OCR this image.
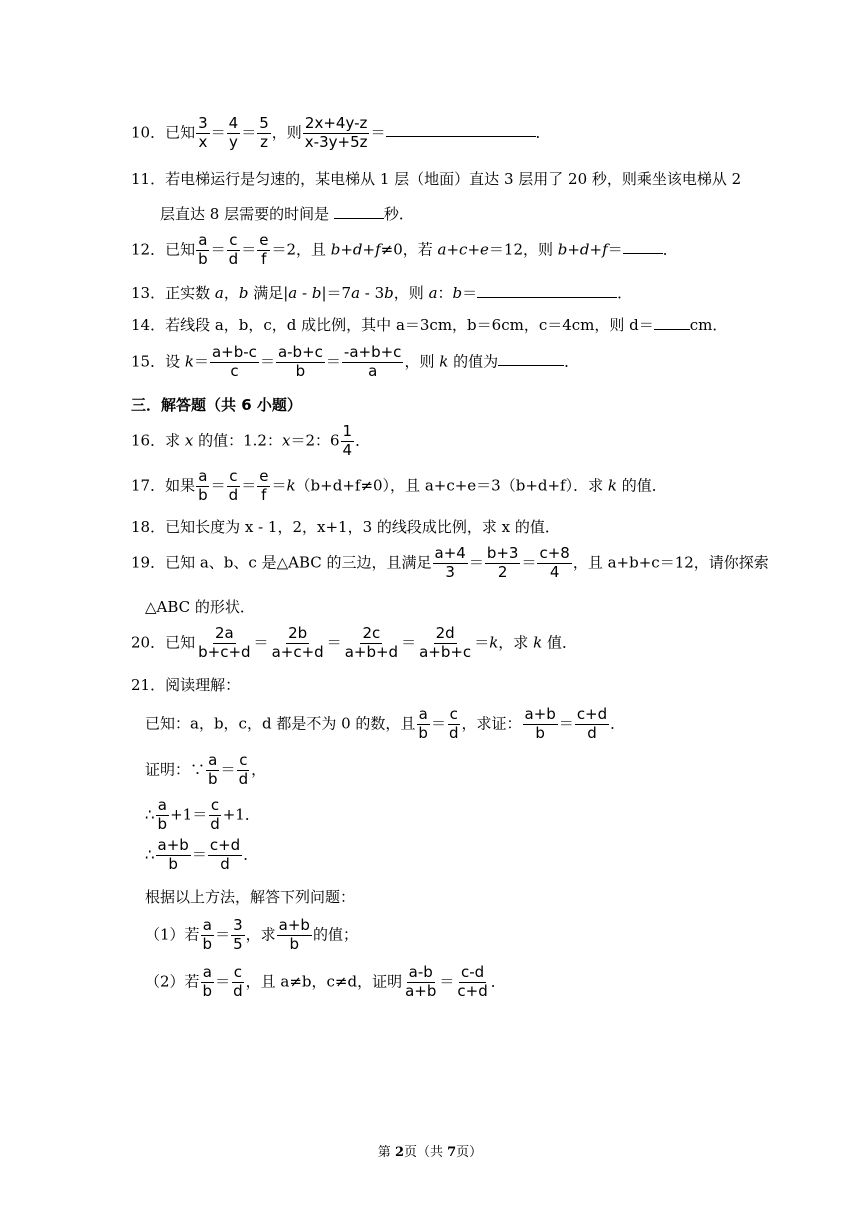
10．已知 $\frac{3}{x} = \frac{4}{y} = \frac{5}{z}$ ，则 $\frac{2x+4y-z}{x-3y+5z}$ ＝	．
11．若电梯运行是匀速的，某电梯从 1 层（地面）直达 3 层用了 20 秒，则乘坐该电梯从 2
层直达 8 层需要的时间是	秒．
12．已知 $\frac{a}{b} = \frac{c}{d} = \frac{e}{f} =2$，且 b+d+f≠0，若 a+c+e＝12，则 b+d+f＝	．
13．正实数 a，b 满足|a - b|＝7a - 3b，则 a：b＝	．
14．若线段 a，b，c，d 成比例，其中 a＝3cm，b＝6cm，c＝4cm，则 d＝ cm．
15．设 $k= \frac{a+b-c}{c} = \frac{a-b+c}{b} = \frac{-a+b+c}{a}$ ，则 k 的值为	．
三．解答题（共 6 小题）
16．求 x 的值：1.2：x＝2：$6 \frac{1}{4}$ ．
17．如果 $\frac{a}{b} = \frac{c}{d} = \frac{e}{f} =k(b+d+f\ne 0)$，且 a+c+e＝3（b+d+f）．求 k 的值．
18．已知长度为 x - 1，2，x+1，3 的线段成比例，求 x 的值．
19．已知 a、b、c 是△ABC 的三边，且满足 $\frac{a+4}{3} = \frac{b+3}{2} = \frac{c+8}{4}$ ，且 a+b+c＝12，请你探索
△ABC 的形状．
20．已知 $\frac{2a}{b+c+d} = \frac{2b}{a+c+d} = \frac{2c}{a+b+d} = \frac{2d}{a+b+c} =k$，求 k 值．
21．阅读理解：
已知：a，b，c，d 都是不为 0 的数，且 $\frac{a}{b} = \frac{c}{d}$ ，求证： $\frac{a+b}{b} = \frac{c+d}{d}$ ．
证明：∵ $\frac{a}{b} = \frac{c}{d}$ ，
∴ $\frac{a}{b} +1= \frac{c}{d} +1$．
∴ $\frac{a+b}{b} = \frac{c+d}{d}$ ．
根据以上方法，解答下列问题：
（1）若 $\frac{a}{b} = \frac{3}{5}$ ，求 $\frac{a+b}{b}$ 的值；
（2）若 $\frac{a}{b} = \frac{c}{d}$ ，且 a≠b，c≠d，证明 $\frac{a-b}{a+b} = \frac{c-d}{c+d}$ ．
第 2页（共 7页）
